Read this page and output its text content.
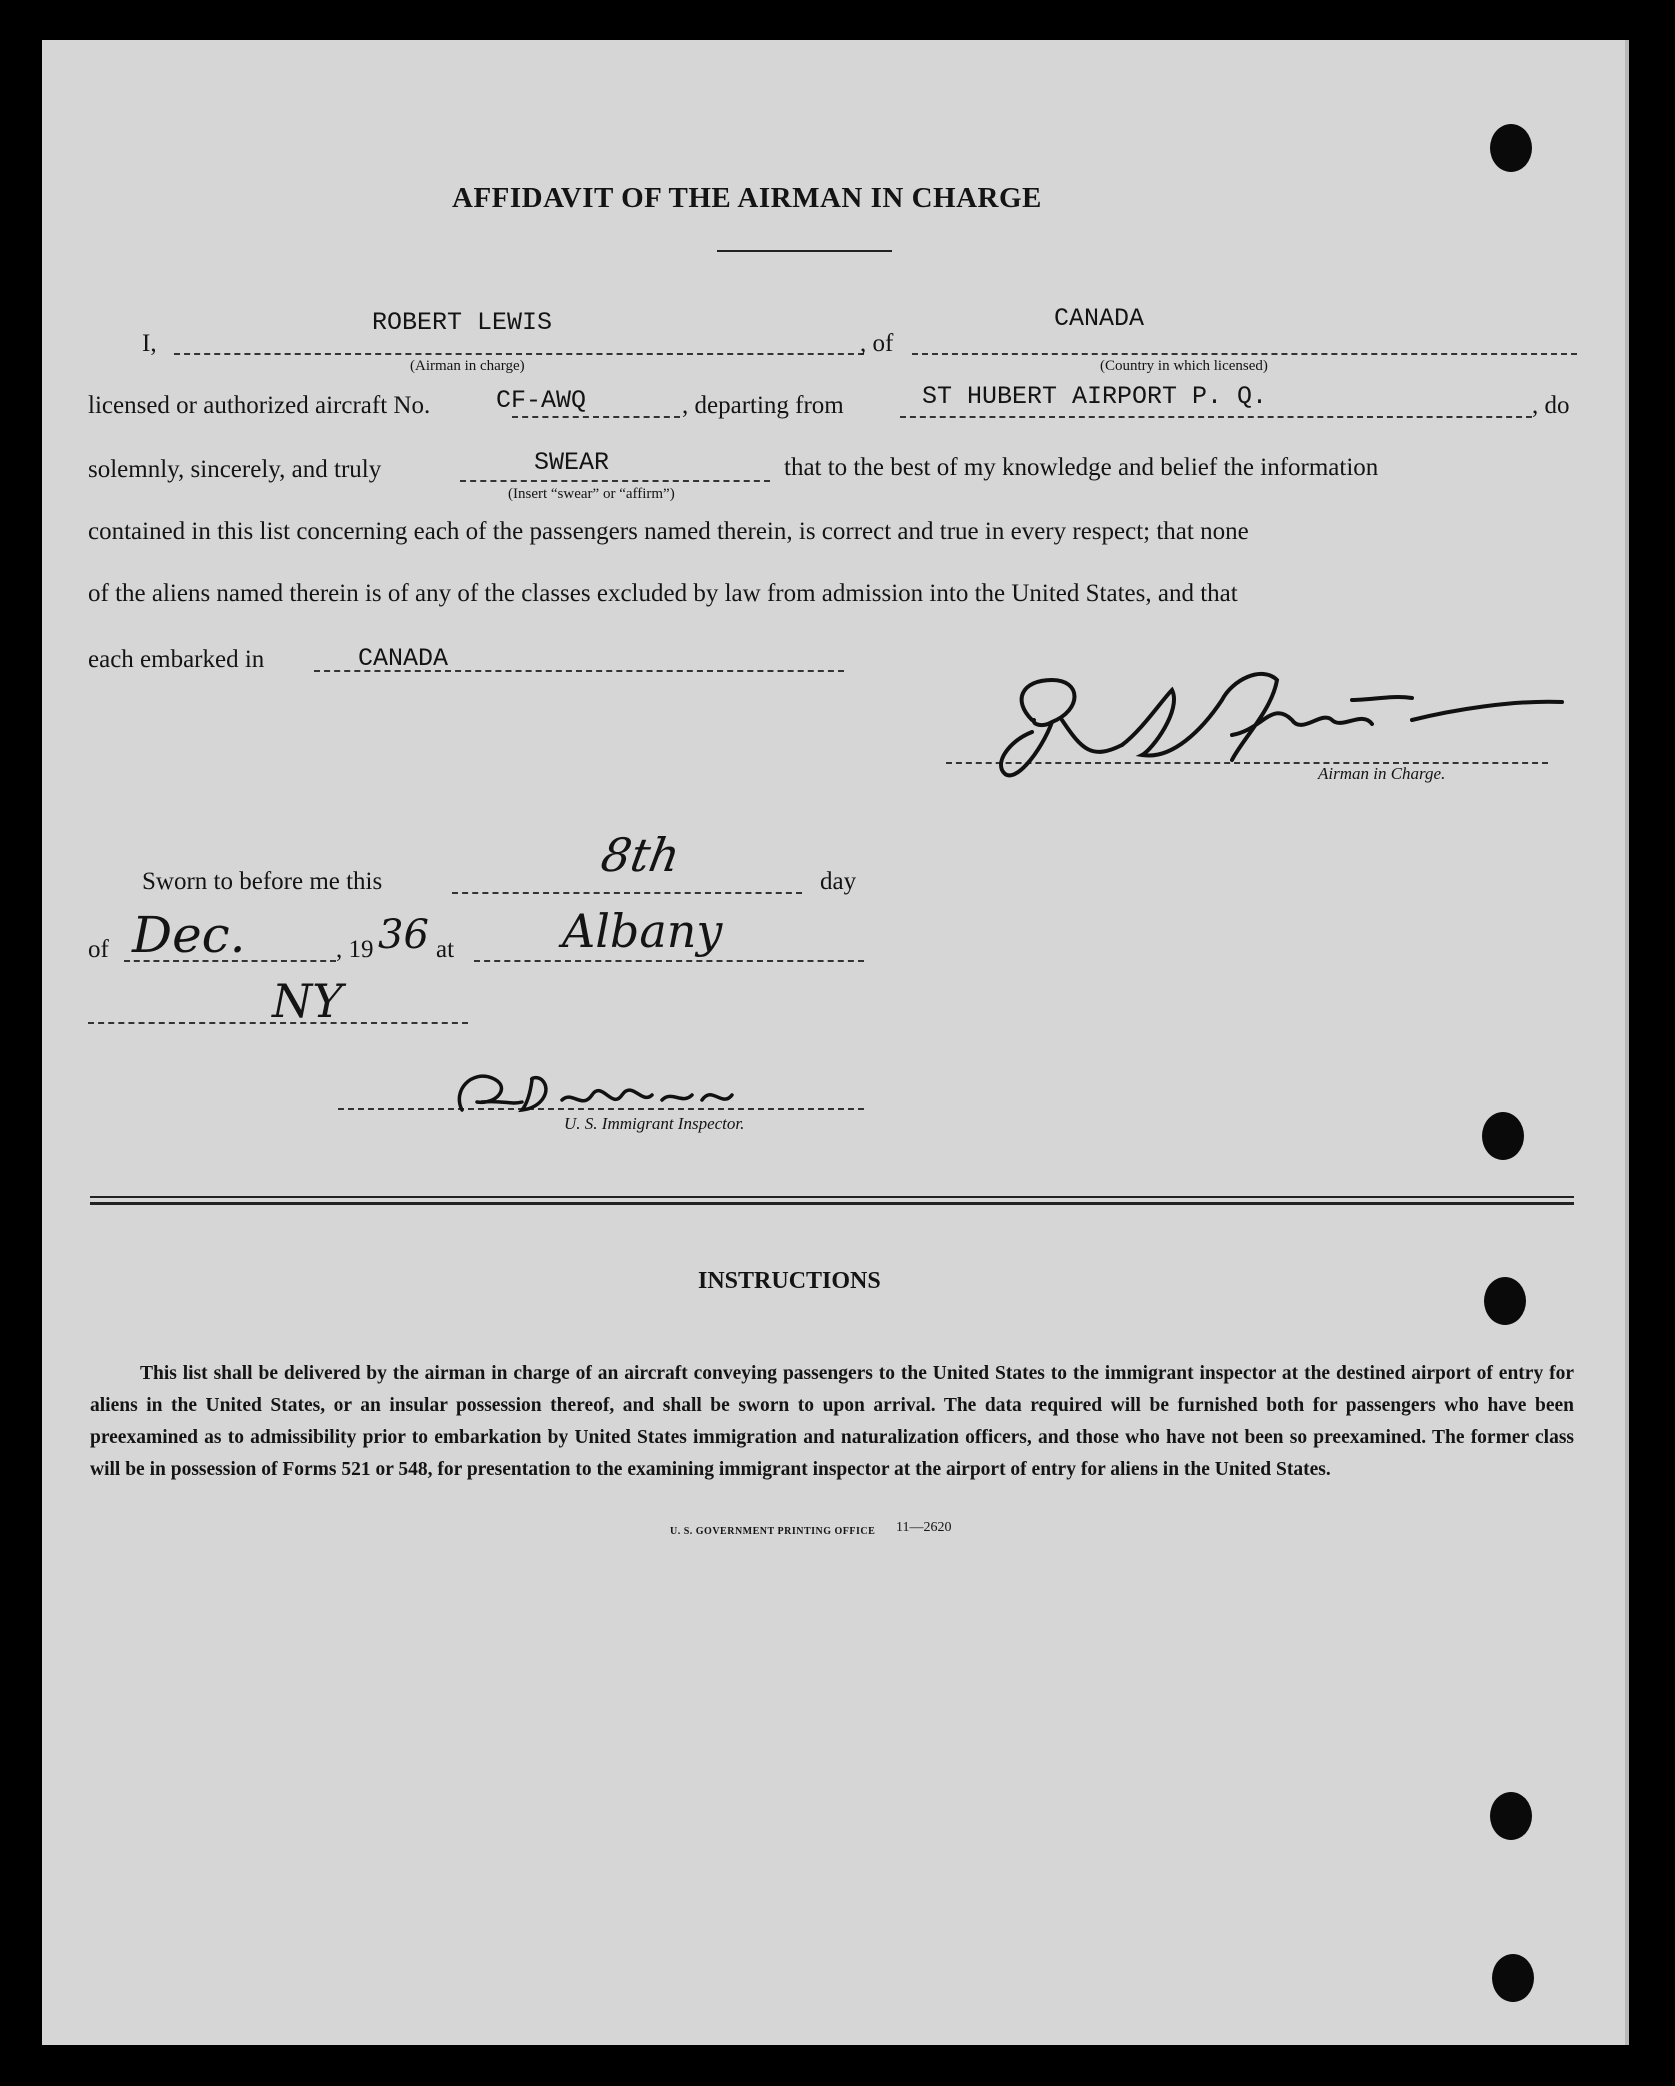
AFFIDAVIT OF THE AIRMAN IN CHARGE
I,
ROBERT LEWIS
(Airman in charge)
, of
CANADA
(Country in which licensed)
licensed or authorized aircraft No.	CF-AWQ	, departing from	ST HUBERT AIRPORT P. Q.	, do
solemnly, sincerely, and truly	SWEAR
(Insert “swear” or “affirm”)
that to the best of my knowledge and belief the information
contained in this list concerning each of the passengers named therein, is correct and true in every respect; that none
of the aliens named therein is of any of the classes excluded by law from admission into the United States, and that
each embarked in	CANADA
Airman in Charge.
Sworn to before me this	8th	day
of Dec.	, 19 36 at Albany
NY
U. S. Immigrant Inspector.
INSTRUCTIONS
This list shall be delivered by the airman in charge of an aircraft conveying passengers to the United States to the immigrant inspector at the destined airport of entry for aliens in the United States, or an insular possession thereof, and shall be sworn to upon arrival. The data required will be furnished both for passengers who have been preexamined as to admissibility prior to embarkation by United States immigration and naturalization officers, and those who have not been so preexamined. The former class will be in possession of Forms 521 or 548, for presentation to the examining immigrant inspector at the airport of entry for aliens in the United States.
U. S. GOVERNMENT PRINTING OFFICE 11—2620
